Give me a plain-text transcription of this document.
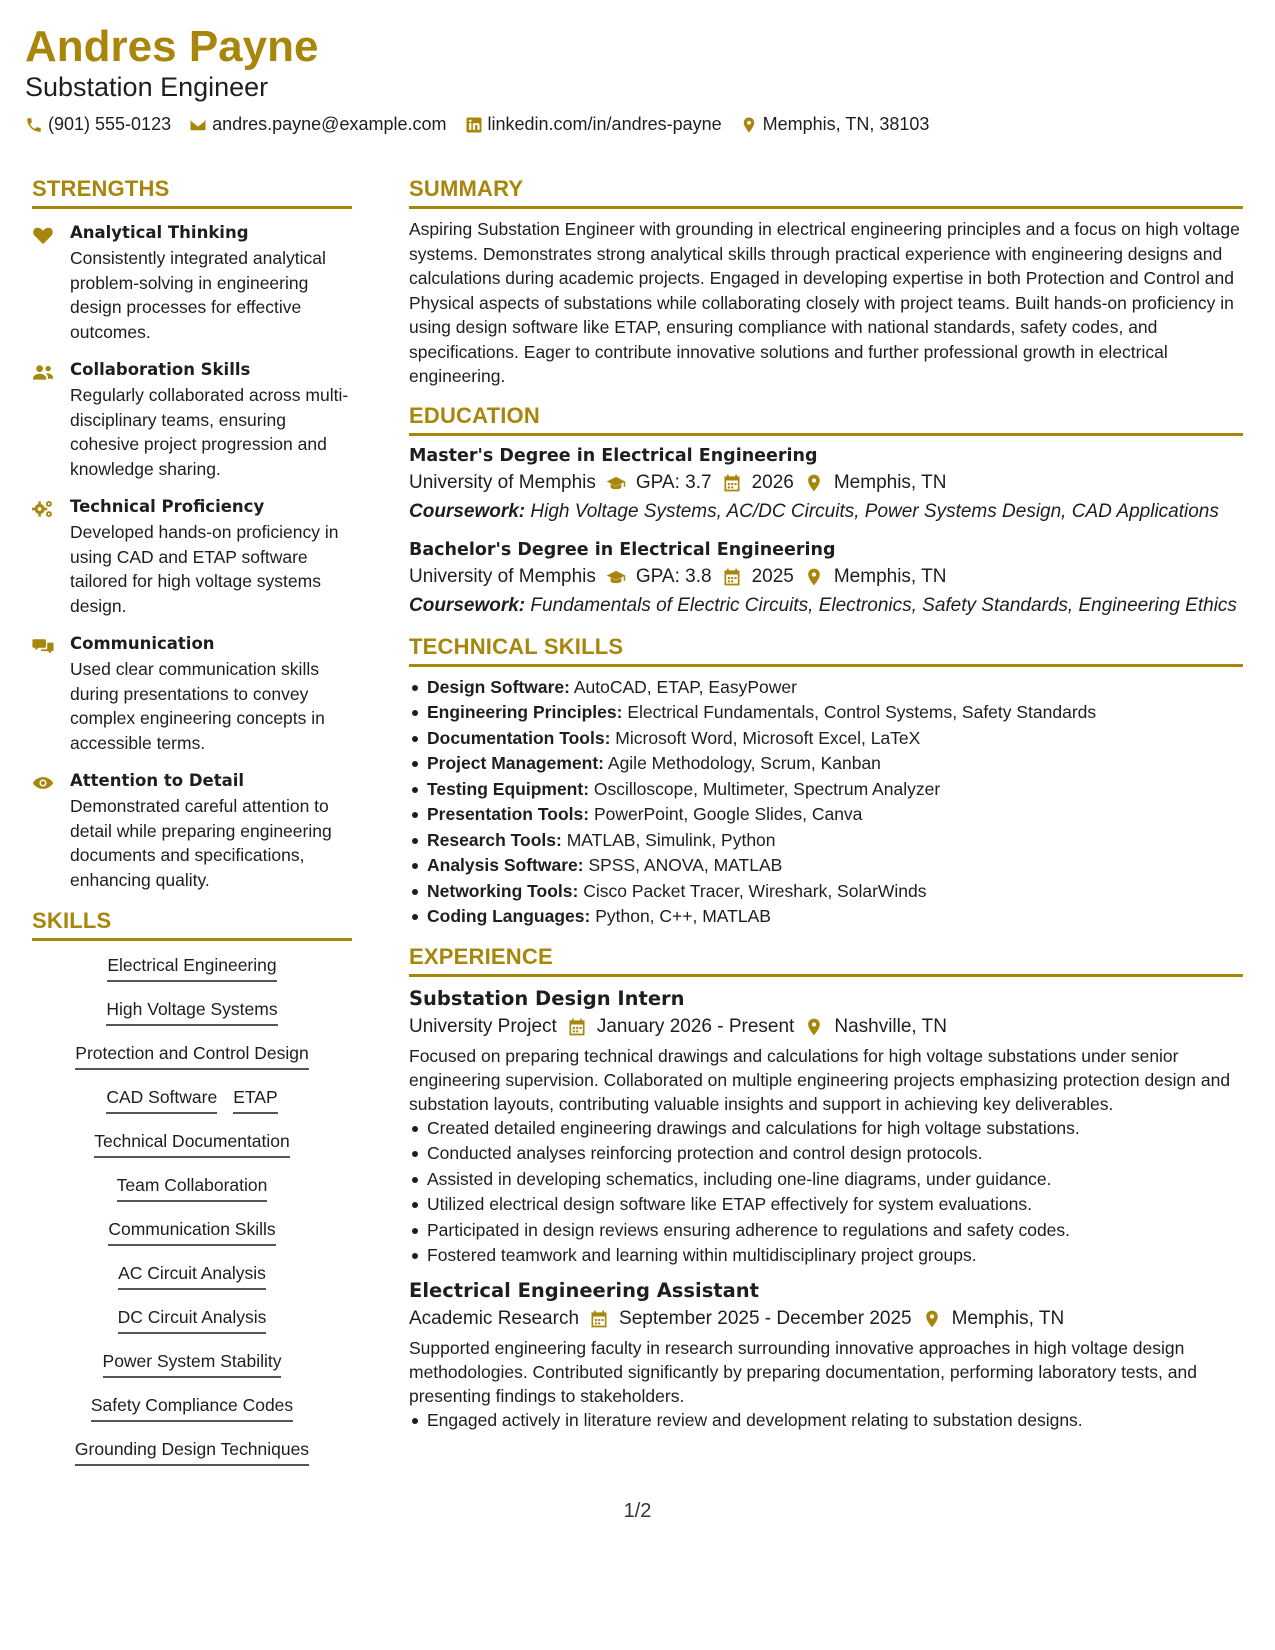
Andres Payne
Substation Engineer
(901) 555-0123 andres.payne@example.com linkedin.com/in/andres-payne Memphis, TN, 38103
STRENGTHS
Analytical Thinking
Consistently integrated analytical problem-solving in engineering design processes for effective outcomes.
Collaboration Skills
Regularly collaborated across multi-disciplinary teams, ensuring cohesive project progression and knowledge sharing.
Technical Proficiency
Developed hands-on proficiency in using CAD and ETAP software tailored for high voltage systems design.
Communication
Used clear communication skills during presentations to convey complex engineering concepts in accessible terms.
Attention to Detail
Demonstrated careful attention to detail while preparing engineering documents and specifications, enhancing quality.
SKILLS
Electrical Engineering
High Voltage Systems
Protection and Control Design
CAD Software ETAP
Technical Documentation
Team Collaboration
Communication Skills
AC Circuit Analysis
DC Circuit Analysis
Power System Stability
Safety Compliance Codes
Grounding Design Techniques
SUMMARY
Aspiring Substation Engineer with grounding in electrical engineering principles and a focus on high voltage systems. Demonstrates strong analytical skills through practical experience with engineering designs and calculations during academic projects. Engaged in developing expertise in both Protection and Control and Physical aspects of substations while collaborating closely with project teams. Built hands-on proficiency in using design software like ETAP, ensuring compliance with national standards, safety codes, and specifications. Eager to contribute innovative solutions and further professional growth in electrical engineering.
EDUCATION
Master's Degree in Electrical Engineering
University of Memphis GPA: 3.7 2026 Memphis, TN
Coursework: High Voltage Systems, AC/DC Circuits, Power Systems Design, CAD Applications
Bachelor's Degree in Electrical Engineering
University of Memphis GPA: 3.8 2025 Memphis, TN
Coursework: Fundamentals of Electric Circuits, Electronics, Safety Standards, Engineering Ethics
TECHNICAL SKILLS
Design Software: AutoCAD, ETAP, EasyPower
Engineering Principles: Electrical Fundamentals, Control Systems, Safety Standards
Documentation Tools: Microsoft Word, Microsoft Excel, LaTeX
Project Management: Agile Methodology, Scrum, Kanban
Testing Equipment: Oscilloscope, Multimeter, Spectrum Analyzer
Presentation Tools: PowerPoint, Google Slides, Canva
Research Tools: MATLAB, Simulink, Python
Analysis Software: SPSS, ANOVA, MATLAB
Networking Tools: Cisco Packet Tracer, Wireshark, SolarWinds
Coding Languages: Python, C++, MATLAB
EXPERIENCE
Substation Design Intern
University Project January 2026 - Present Nashville, TN
Focused on preparing technical drawings and calculations for high voltage substations under senior engineering supervision. Collaborated on multiple engineering projects emphasizing protection design and substation layouts, contributing valuable insights and support in achieving key deliverables.
Created detailed engineering drawings and calculations for high voltage substations.
Conducted analyses reinforcing protection and control design protocols.
Assisted in developing schematics, including one-line diagrams, under guidance.
Utilized electrical design software like ETAP effectively for system evaluations.
Participated in design reviews ensuring adherence to regulations and safety codes.
Fostered teamwork and learning within multidisciplinary project groups.
Electrical Engineering Assistant
Academic Research September 2025 - December 2025 Memphis, TN
Supported engineering faculty in research surrounding innovative approaches in high voltage design methodologies. Contributed significantly by preparing documentation, performing laboratory tests, and presenting findings to stakeholders.
Engaged actively in literature review and development relating to substation designs.
1/2
